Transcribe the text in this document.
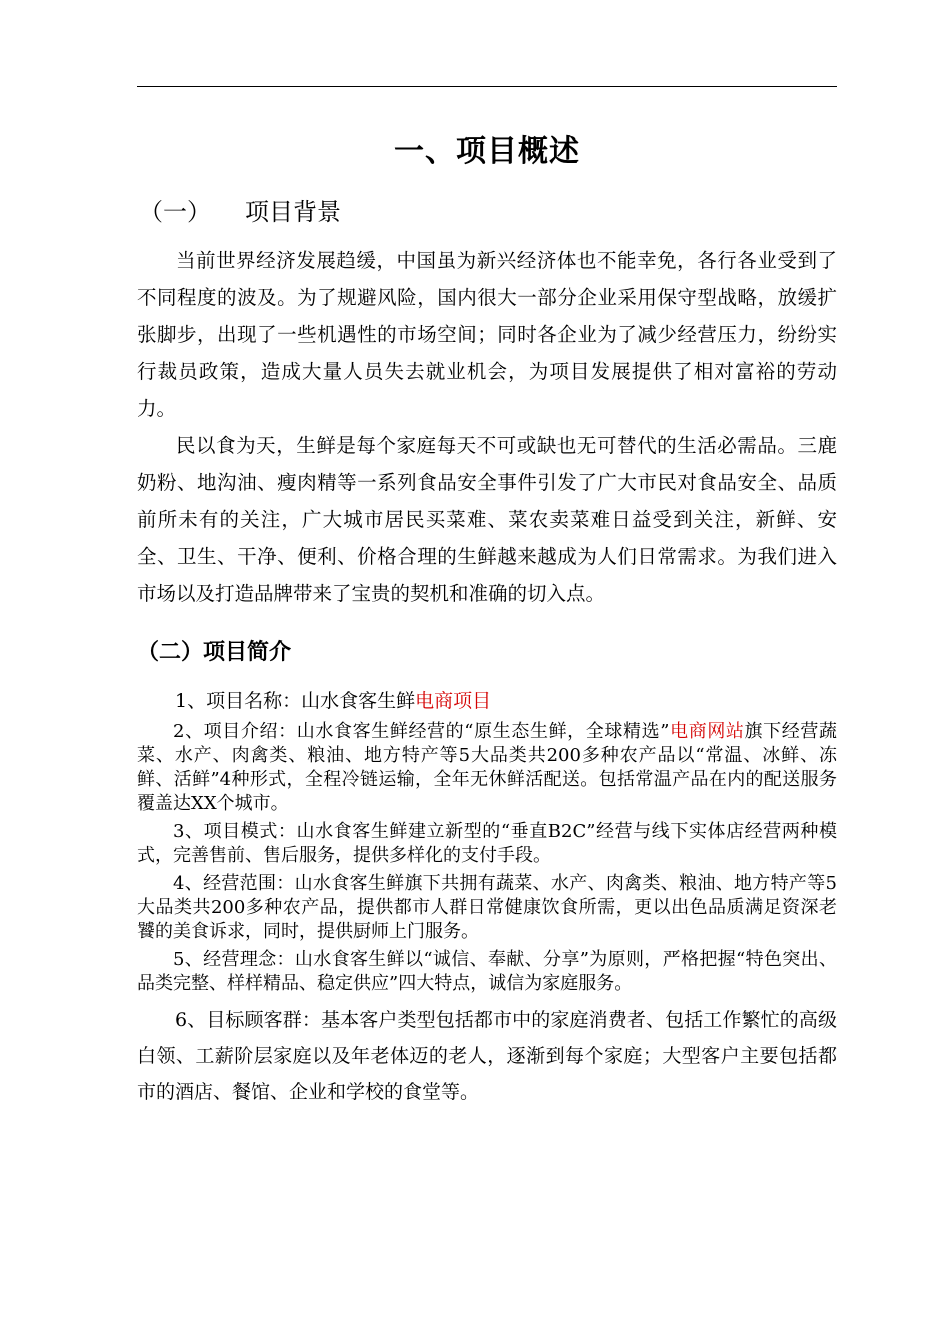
一、项目概述
（一） 项目背景

当前世界经济发展趋缓，中国虽为新兴经济体也不能幸免，各行各业受到了不同程度的波及。为了规避风险，国内很大一部分企业采用保守型战略，放缓扩张脚步，出现了一些机遇性的市场空间；同时各企业为了减少经营压力，纷纷实行裁员政策，造成大量人员失去就业机会，为项目发展提供了相对富裕的劳动力。

民以食为天，生鲜是每个家庭每天不可或缺也无可替代的生活必需品。三鹿奶粉、地沟油、瘦肉精等一系列食品安全事件引发了广大市民对食品安全、品质前所未有的关注，广大城市居民买菜难、菜农卖菜难日益受到关注，新鲜、安全、卫生、干净、便利、价格合理的生鲜越来越成为人们日常需求。为我们进入市场以及打造品牌带来了宝贵的契机和准确的切入点。

（二）项目简介

1、项目名称：山水食客生鲜电商项目

2、项目介绍：山水食客生鲜经营的“原生态生鲜，全球精选”电商网站旗下经营蔬菜、水产、肉禽类、粮油、地方特产等5大品类共200多种农产品以“常温、冰鲜、冻鲜、活鲜”4种形式，全程冷链运输，全年无休鲜活配送。包括常温产品在内的配送服务覆盖达XX个城市。

3、项目模式：山水食客生鲜建立新型的“垂直B2C”经营与线下实体店经营两种模式，完善售前、售后服务，提供多样化的支付手段。

4、经营范围：山水食客生鲜旗下共拥有蔬菜、水产、肉禽类、粮油、地方特产等5大品类共200多种农产品，提供都市人群日常健康饮食所需，更以出色品质满足资深老饕的美食诉求，同时，提供厨师上门服务。

5、经营理念：山水食客生鲜以“诚信、奉献、分享”为原则，严格把握“特色突出、品类完整、样样精品、稳定供应”四大特点，诚信为家庭服务。

6、目标顾客群：基本客户类型包括都市中的家庭消费者、包括工作繁忙的高级白领、工薪阶层家庭以及年老体迈的老人，逐渐到每个家庭；大型客户主要包括都市的酒店、餐馆、企业和学校的食堂等。
